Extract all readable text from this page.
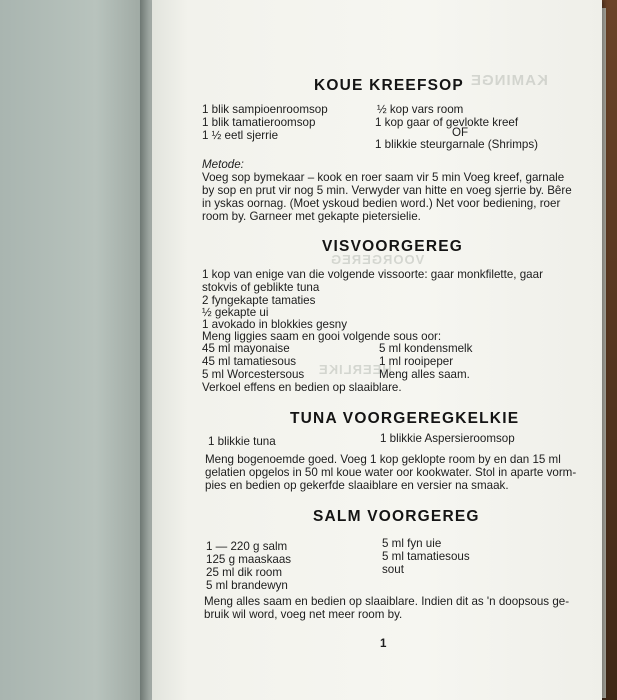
KAMINGE
VOORGEREG
HEERLIKE
KOUE KREEFSOP
1 blik sampioenroomsop
1 blik tamatieroomsop
1 ½ eetl sjerrie
½ kop vars room
1 kop gaar of gevlokte kreef
OF
1 blikkie steurgarnale (Shrimps)
Metode:
Voeg sop bymekaar – kook en roer saam vir 5 min Voeg kreef, garnale
by sop en prut vir nog 5 min. Verwyder van hitte en voeg sjerrie by. Bêre
in yskas oornag. (Moet yskoud bedien word.) Net voor bediening, roer
room by. Garneer met gekapte pietersielie.
VISVOORGEREG
1 kop van enige van die volgende vissoorte: gaar monkfilette, gaar
stokvis of geblikte tuna
2 fyngekapte tamaties
½ gekapte ui
1 avokado in blokkies gesny
Meng liggies saam en gooi volgende sous oor:
45 ml mayonaise
45 ml tamatiesous
5 ml Worcestersous
5 ml kondensmelk
1 ml rooipeper
Meng alles saam.
Verkoel effens en bedien op slaaiblare.
TUNA VOORGEREGKELKIE
1 blikkie tuna	1 blikkie Aspersieroomsop
Meng bogenoemde goed. Voeg 1 kop geklopte room by en dan 15 ml
gelatien opgelos in 50 ml koue water oor kookwater. Stol in aparte vorm-
pies en bedien op gekerfde slaaiblare en versier na smaak.
SALM VOORGEREG
1 — 220 g salm
125 g maaskaas
25 ml dik room
5 ml brandewyn
5 ml fyn uie
5 ml tamatiesous
sout
Meng alles saam en bedien op slaaiblare. Indien dit as 'n doopsous ge-
bruik wil word, voeg net meer room by.
1
